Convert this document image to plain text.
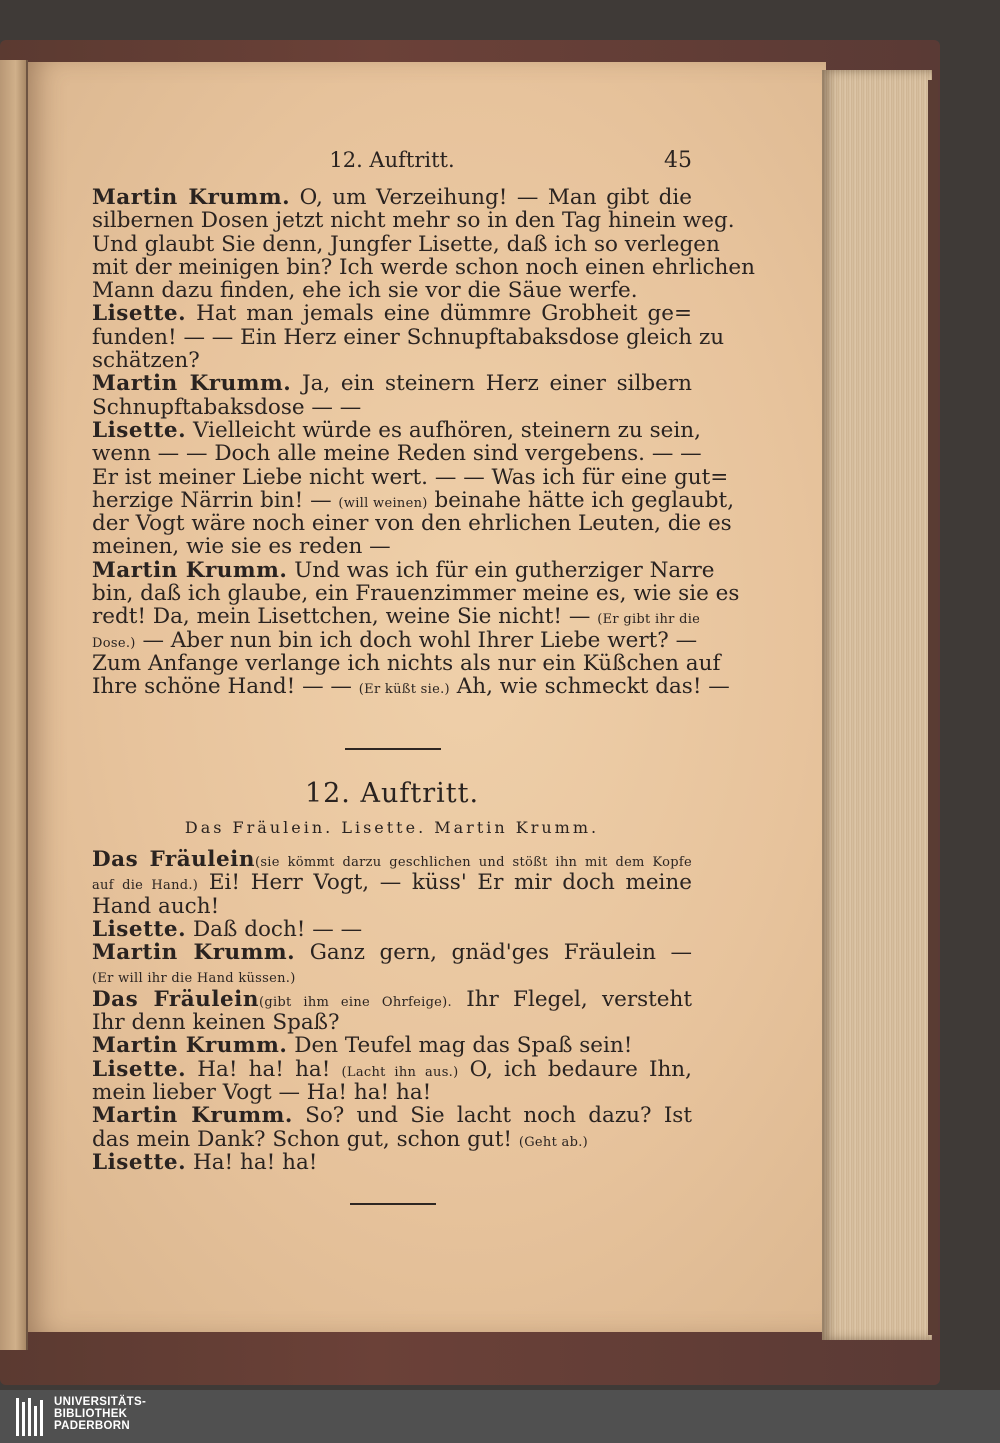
12. Auftritt.	45
Martin Krumm. O, um Verzeihung! — Man gibt die
silbernen Dosen jetzt nicht mehr so in den Tag hinein weg.
Und glaubt Sie denn, Jungfer Lisette, daß ich so verlegen
mit der meinigen bin? Ich werde schon noch einen ehrlichen
Mann dazu finden, ehe ich sie vor die Säue werfe.
Lisette. Hat man jemals eine dümmre Grobheit ge=
funden! — — Ein Herz einer Schnupftabaksdose gleich zu
schätzen?
Martin Krumm. Ja, ein steinern Herz einer silbern
Schnupftabaksdose — —
Lisette. Vielleicht würde es aufhören, steinern zu sein,
wenn — — Doch alle meine Reden sind vergebens. — —
Er ist meiner Liebe nicht wert. — — Was ich für eine gut=
herzige Närrin bin! — (will weinen) beinahe hätte ich geglaubt,
der Vogt wäre noch einer von den ehrlichen Leuten, die es
meinen, wie sie es reden —
Martin Krumm. Und was ich für ein gutherziger Narre
bin, daß ich glaube, ein Frauenzimmer meine es, wie sie es
redt! Da, mein Lisettchen, weine Sie nicht! — (Er gibt ihr die
Dose.) — Aber nun bin ich doch wohl Ihrer Liebe wert? —
Zum Anfange verlange ich nichts als nur ein Küßchen auf
Ihre schöne Hand! — — (Er küßt sie.) Ah, wie schmeckt das! —
12. Auftritt.
Das Fräulein. Lisette. Martin Krumm.
Das Fräulein(sie kömmt darzu geschlichen und stößt ihn mit dem Kopfe
auf die Hand.) Ei! Herr Vogt, — küss' Er mir doch meine
Hand auch!
Lisette. Daß doch! — —
Martin Krumm. Ganz gern, gnäd'ges Fräulein —
(Er will ihr die Hand küssen.)
Das Fräulein(gibt ihm eine Ohrfeige). Ihr Flegel, versteht
Ihr denn keinen Spaß?
Martin Krumm. Den Teufel mag das Spaß sein!
Lisette. Ha! ha! ha! (Lacht ihn aus.) O, ich bedaure Ihn,
mein lieber Vogt — Ha! ha! ha!
Martin Krumm. So? und Sie lacht noch dazu? Ist
das mein Dank? Schon gut, schon gut! (Geht ab.)
Lisette. Ha! ha! ha!
UNIVERSITÄTS-
BIBLIOTHEK
PADERBORN
